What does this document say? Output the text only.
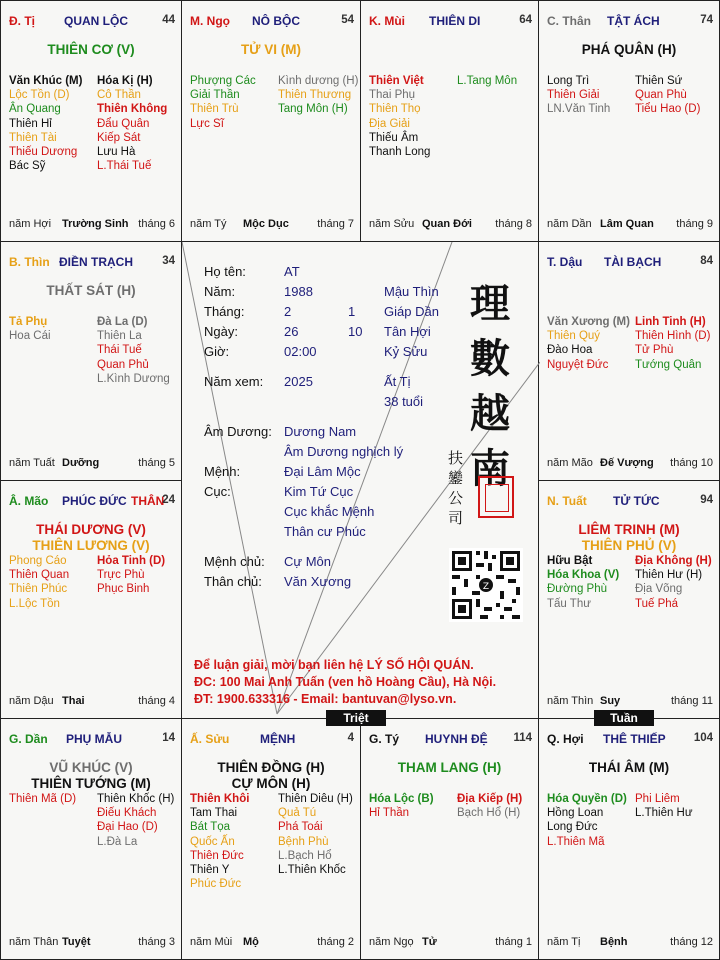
Đ. Tị QUAN LỘC	44
THIÊN CƠ (V)
Văn Khúc (M)
Lộc Tồn (D)
Ân Quang
Thiên Hỉ
Thiên Tài
Thiếu Dương
Bác Sỹ
Hóa Kị (H)
Cô Thần
Thiên Không
Đẩu Quân
Kiếp Sát
Lưu Hà
L.Thái Tuế
năm Hợi Trường Sinh tháng 6
M. Ngọ NÔ BỘC	54
TỬ VI (M)
Phượng Các
Giải Thần
Thiên Trù
Lực Sĩ
Kình dương (H)
Thiên Thương
Tang Môn (H)
năm Tý Mộc Dục	tháng 7
K. Mùi THIÊN DI	64
Thiên Việt
Thai Phụ
Thiên Thọ
Địa Giải
Thiếu Âm
Thanh Long
L.Tang Môn
năm Sửu Quan Đới tháng 8
C. Thân TẬT ÁCH	74
PHÁ QUÂN (H)
Long Trì
Thiên Giải
LN.Văn Tinh
Thiên Sứ
Quan Phù
Tiểu Hao (D)
năm Dần Lâm Quan tháng 9
B. Thìn ĐIỀN TRẠCH	34
THẤT SÁT (H)
Tả Phụ
Hoa Cái
Đà La (D)
Thiên La
Thái Tuế
Quan Phủ
L.Kình Dương
năm Tuất Dưỡng	tháng 5
T. Dậu TÀI BẠCH	84
Văn Xương (M)
Thiên Quý
Đào Hoa
Nguyệt Đức
Linh Tinh (H)
Thiên Hình (D)
Tử Phù
Tướng Quân
năm Mão Đế Vượng tháng 10
Â. Mão PHÚC ĐỨC THÂN
24
THÁI DƯƠNG (V)
THIÊN LƯƠNG (V)
Phong Cáo
Thiên Quan
Thiên Phúc
L.Lộc Tồn
Hỏa Tinh (D)
Trực Phù
Phục Binh
năm Dậu Thai	tháng 4
N. Tuất TỬ TỨC	94
LIÊM TRINH (M)
THIÊN PHỦ (V)
Hữu Bật
Hóa Khoa (V)
Đường Phù
Tấu Thư
Địa Không (H)
Thiên Hư (H)
Địa Võng
Tuế Phá
năm Thìn Suy	tháng 11
G. Dần PHỤ MẪU	14
VŨ KHÚC (V)
THIÊN TƯỚNG (M)
Thiên Mã (D) Thiên Khốc (H)
Điếu Khách
Đại Hao (D)
L.Đà La
năm Thân Tuyệt	tháng 3
Ấ. Sửu	MỆNH	4
THIÊN ĐỒNG (H)
CỰ MÔN (H)
Thiên Khôi
Tam Thai
Bát Tọa
Quốc Ấn
Thiên Đức
Thiên Y
Phúc Đức
Thiên Diêu (H)
Quả Tú
Phá Toái
Bệnh Phù
L.Bạch Hổ
L.Thiên Khốc
năm Mùi Mộ	tháng 2
G. Tý HUYNH ĐỆ 114
THAM LANG (H)
Hóa Lộc (B)
Hỉ Thần
Địa Kiếp (H)
Bạch Hổ (H)
năm Ngọ Tử	tháng 1
Q. Hợi THÊ THIẾP 104
THÁI ÂM (M)
Hóa Quyền (D)
Hồng Loan
Long Đức
L.Thiên Mã
Phi Liêm
L.Thiên Hư
năm Tị Bệnh	tháng 12
Họ tên:	AT
Năm:	1988	Mậu Thìn
Tháng:	2	1 Giáp Dần
Ngày:	26	10 Tân Hợi
Giờ:	02:00	Kỷ Sửu
Năm xem: 2025	Ất Tị
38 tuổi
Âm Dương: Dương Nam
Âm Dương nghịch lý
Mệnh:	Đại Lâm Mộc
Cục:	Kim Tứ Cục
Cục khắc Mệnh
Thân cư Phúc
Mệnh chủ: Cự Môn
Thân chủ: Văn Xương
理
數
越
南
扶
鑾
公
司
Z
Để luận giải, mời bạn liên hệ LÝ SỐ HỘI QUÁN.
ĐC: 100 Mai Anh Tuấn (ven hồ Hoàng Cầu), Hà Nội.
ĐT: 1900.633316 - Email: bantuvan@lyso.vn.
Triệt	Tuần
